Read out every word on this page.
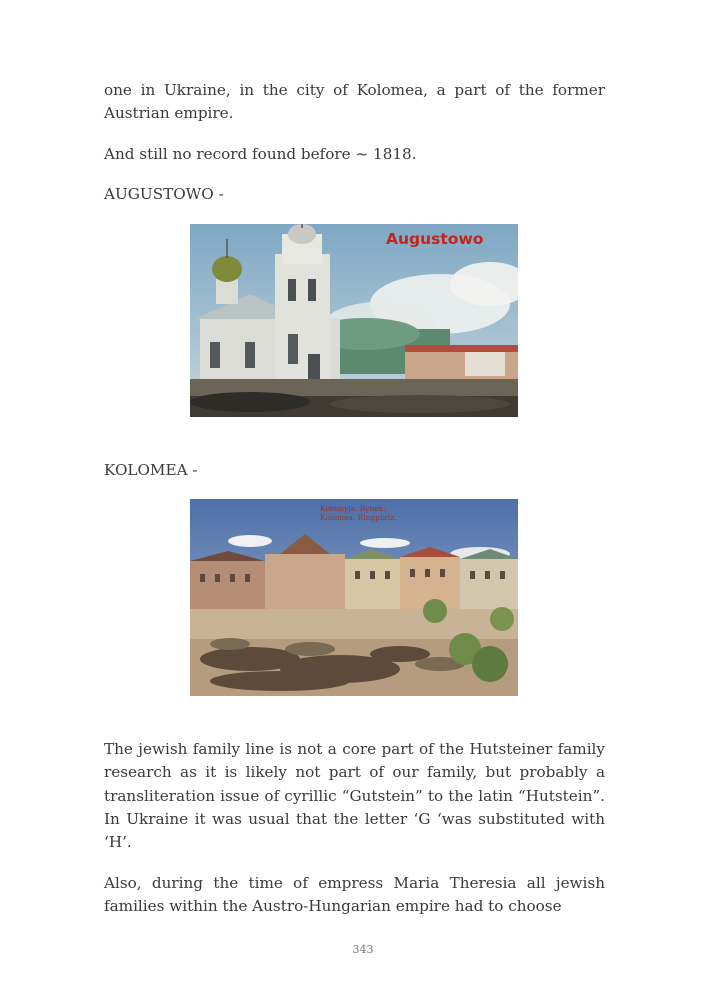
one in Ukraine, in the city of Kolomea, a part of the former Austrian empire.

And still no record found before ~ 1818.

AUGUSTOWO -

Augustowo

KOLOMEA -

Kołomyja. Rynek.
Kolomea. Ringplatz.

The jewish family line is not a core part of the Hutsteiner family research as it is likely not part of our family, but probably a transliteration issue of cyrillic “Gutstein” to the latin “Hutstein”. In Ukraine it was usual that the letter ‘G ‘was substituted with ‘H’.

Also, during the time of empress Maria Theresia all jewish families within the Austro-Hungarian empire had to choose

343
